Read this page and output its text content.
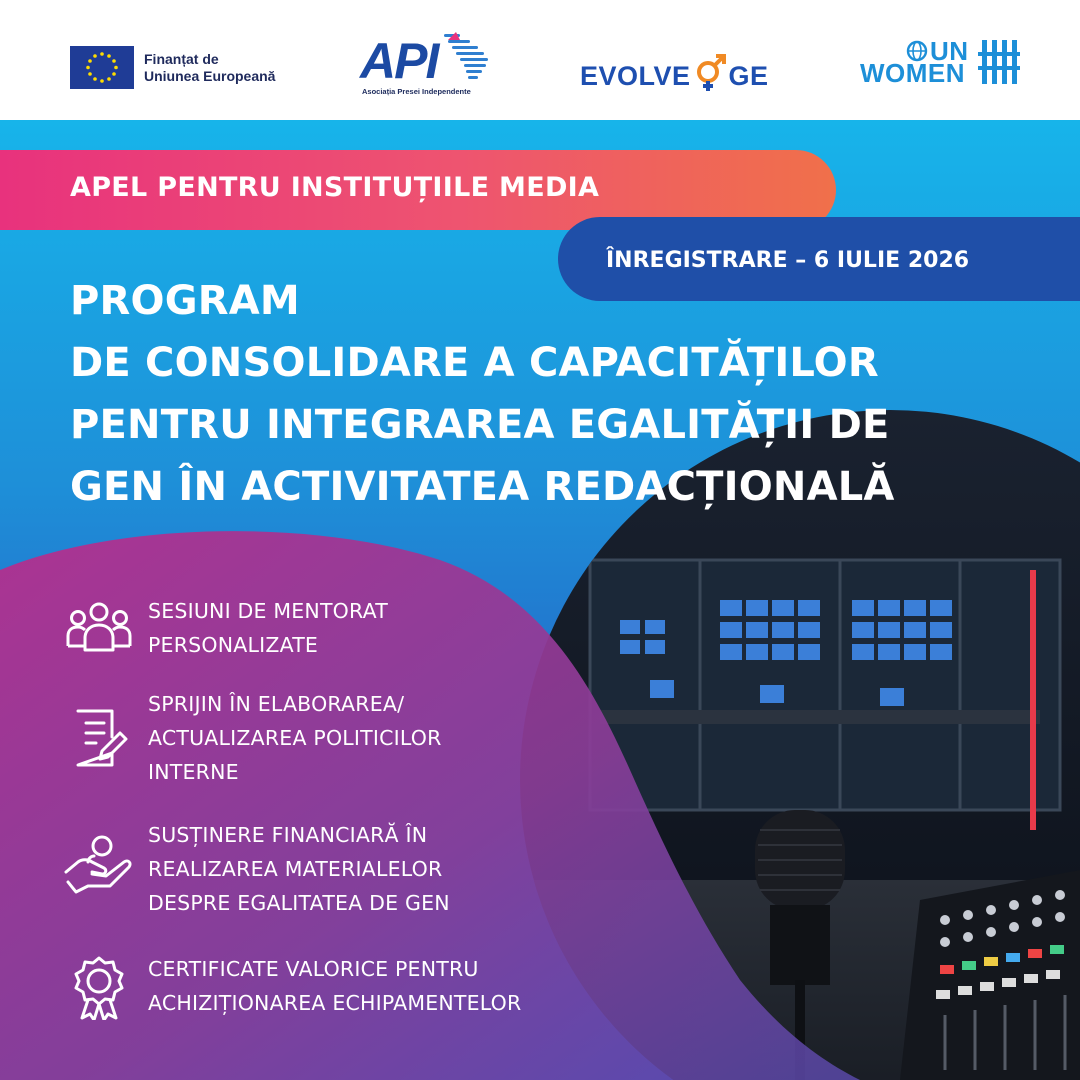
Finanțat de
Uniunea Europeană API
Asociația Presei Independente
EVOLVE GE
UN
WOMEN
APEL PENTRU INSTITUȚIILE MEDIA
ÎNREGISTRARE – 6 IULIE 2026
PROGRAM
DE CONSOLIDARE A CAPACITĂȚILOR
PENTRU INTEGRAREA EGALITĂȚII DE
GEN ÎN ACTIVITATEA REDACȚIONALĂ
SESIUNI DE MENTORAT
PERSONALIZATE
SPRIJIN ÎN ELABORAREA/
ACTUALIZAREA POLITICILOR
INTERNE
SUSȚINERE FINANCIARĂ ÎN
REALIZAREA MATERIALELOR
DESPRE EGALITATEA DE GEN
CERTIFICATE VALORICE PENTRU
ACHIZIȚIONAREA ECHIPAMENTELOR
